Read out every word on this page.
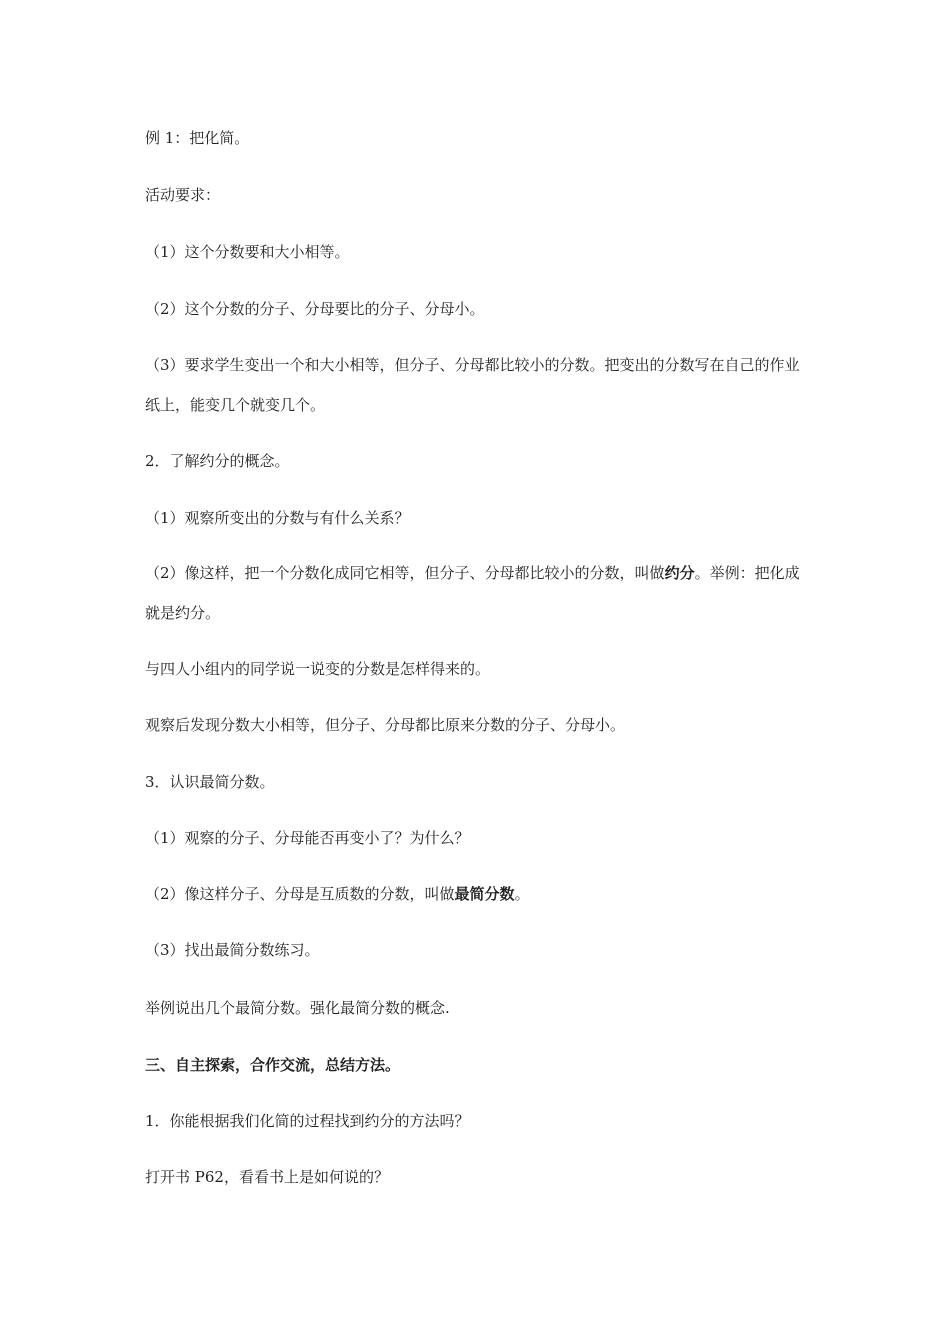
例 1：把化简。

活动要求：

（1）这个分数要和大小相等。

（2）这个分数的分子、分母要比的分子、分母小。

（3）要求学生变出一个和大小相等，但分子、分母都比较小的分数。把变出的分数写在自己的作业纸上，能变几个就变几个。

2．了解约分的概念。

（1）观察所变出的分数与有什么关系？

（2）像这样，把一个分数化成同它相等，但分子、分母都比较小的分数，叫做约分。举例：把化成就是约分。

与四人小组内的同学说一说变的分数是怎样得来的。

观察后发现分数大小相等，但分子、分母都比原来分数的分子、分母小。

3．认识最简分数。

（1）观察的分子、分母能否再变小了？为什么？

（2）像这样分子、分母是互质数的分数，叫做最简分数。

（3）找出最简分数练习。

举例说出几个最简分数。强化最简分数的概念.

三、自主探索，合作交流，总结方法。

1．你能根据我们化简的过程找到约分的方法吗？

打开书 P62，看看书上是如何说的？
